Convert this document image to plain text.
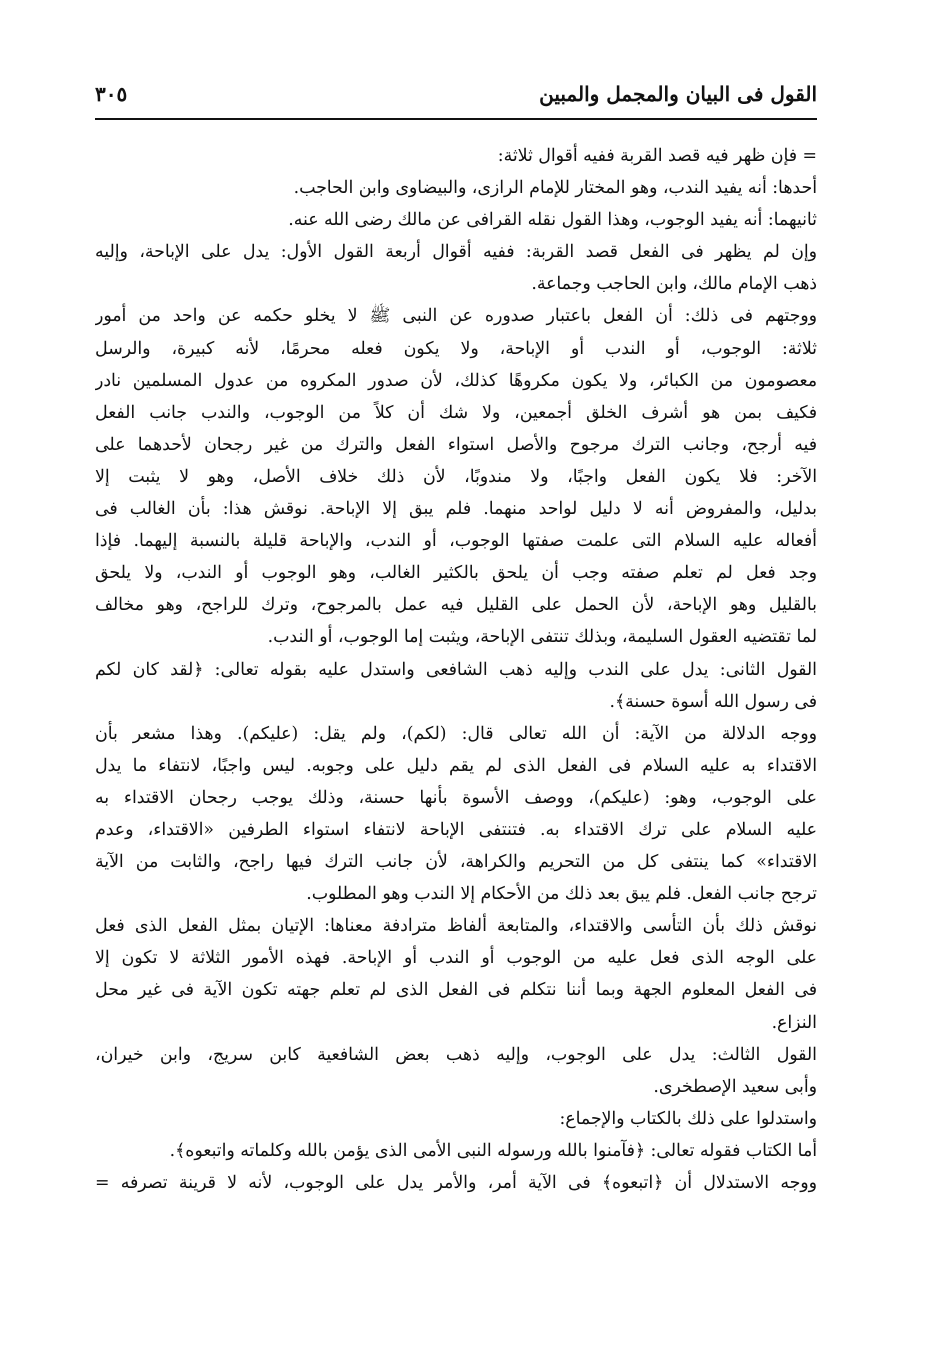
القول فى البيان والمجمل والمبين
٣٠٥
= فإن ظهر فيه قصد القربة ففيه أقوال ثلاثة:
أحدها: أنه يفيد الندب، وهو المختار للإمام الرازى، والبيضاوى وابن الحاجب.
ثانيهما: أنه يفيد الوجوب، وهذا القول نقله القرافى عن مالك رضى الله عنه.
وإن لم يظهر فى الفعل قصد القربة: ففيه أقوال أربعة القول الأول: يدل على الإباحة، وإليه
ذهب الإمام مالك، وابن الحاجب وجماعة.
ووجتهم فى ذلك: أن الفعل باعتبار صدوره عن النبى ﷺ لا يخلو حكمه عن واحد من أمور
ثلاثة: الوجوب، أو الندب أو الإباحة، ولا يكون فعله محرمًا، لأنه كبيرة، والرسل
معصومون من الكبائر، ولا يكون مكروهًا كذلك، لأن صدور المكروه من عدول المسلمين نادر
فكيف بمن هو أشرف الخلق أجمعين، ولا شك أن كلاً من الوجوب، والندب جانب الفعل
فيه أرجح، وجانب الترك مرجوح والأصل استواء الفعل والترك من غير رجحان لأحدهما على
الآخر: فلا يكون الفعل واجبًا، ولا مندوبًا، لأن ذلك خلاف الأصل، وهو لا يثبت إلا
بدليل، والمفروض أنه لا دليل لواحد منهما. فلم يبق إلا الإباحة. نوقش هذا: بأن الغالب فى
أفعاله عليه السلام التى علمت صفتها الوجوب، أو الندب، والإباحة قليلة بالنسبة إليهما. فإذا
وجد فعل لم تعلم صفته وجب أن يلحق بالكثير الغالب، وهو الوجوب أو الندب، ولا يلحق
بالقليل وهو الإباحة، لأن الحمل على القليل فيه عمل بالمرجوح، وترك للراجح، وهو مخالف
لما تقتضيه العقول السليمة، وبذلك تنتفى الإباحة، ويثبت إما الوجوب، أو الندب.
القول الثانى: يدل على الندب وإليه ذهب الشافعى واستدل عليه بقوله تعالى: ﴿لقد كان لكم
فى رسول الله أسوة حسنة﴾.
ووجه الدلالة من الآية: أن الله تعالى قال: (لكم)، ولم يقل: (عليكم). وهذا مشعر بأن
الاقتداء به عليه السلام فى الفعل الذى لم يقم دليل على وجوبه. ليس واجبًا، لانتفاء ما يدل
على الوجوب، وهو: (عليكم)، ووصف الأسوة بأنها حسنة، وذلك يوجب رجحان الاقتداء به
عليه السلام على ترك الاقتداء به. فتنتفى الإباحة لانتفاء استواء الطرفين «الاقتداء، وعدم
الاقتداء» كما ينتفى كل من التحريم والكراهة، لأن جانب الترك فيها راجح، والثابت من الآية
ترجح جانب الفعل. فلم يبق بعد ذلك من الأحكام إلا الندب وهو المطلوب.
نوقش ذلك بأن التأسى والاقتداء، والمتابعة ألفاظ مترادفة معناها: الإتيان بمثل الفعل الذى فعل
على الوجه الذى فعل عليه من الوجوب أو الندب أو الإباحة. فهذه الأمور الثلاثة لا تكون إلا
فى الفعل المعلوم الجهة وبما أننا نتكلم فى الفعل الذى لم تعلم جهته تكون الآية فى غير محل
النزاع.
القول الثالث: يدل على الوجوب، وإليه ذهب بعض الشافعية كابن سريج، وابن خيران،
وأبى سعيد الإصطخرى.
واستدلوا على ذلك بالكتاب والإجماع:
أما الكتاب فقوله تعالى: ﴿فآمنوا بالله ورسوله النبى الأمى الذى يؤمن بالله وكلماته واتبعوه﴾.
ووجه الاستدلال أن ﴿اتبعوه﴾ فى الآية أمر، والأمر يدل على الوجوب، لأنه لا قرينة تصرفه =
